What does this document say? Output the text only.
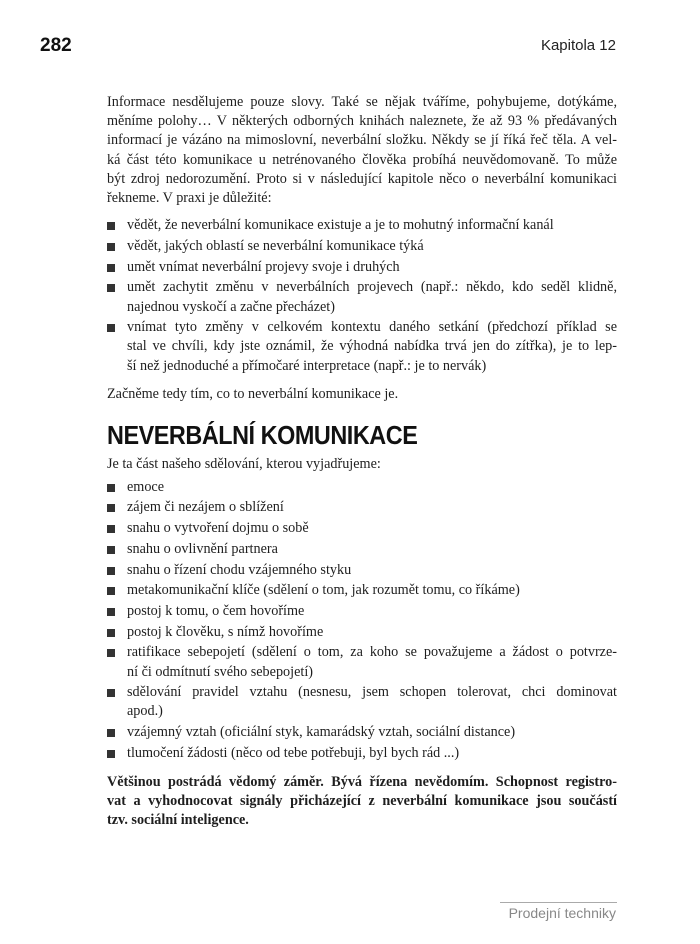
282	Kapitola 12
Informace nesdělujeme pouze slovy. Také se nějak tváříme, pohybujeme, dotýkáme,
měníme polohy… V některých odborných knihách naleznete, že až 93 % předávaných
informací je vázáno na mimoslovní, neverbální složku. Někdy se jí říká řeč těla. A vel-
ká část této komunikace u netrénovaného člověka probíhá neuvědomovaně. To může
být zdroj nedorozumění. Proto si v následující kapitole něco o neverbální komunikaci
řekneme. V praxi je důležité:
vědět, že neverbální komunikace existuje a je to mohutný informační kanál
vědět, jakých oblastí se neverbální komunikace týká
umět vnímat neverbální projevy svoje i druhých
umět zachytit změnu v neverbálních projevech (např.: někdo, kdo seděl klidně,
najednou vyskočí a začne přecházet)
vnímat tyto změny v celkovém kontextu daného setkání (předchozí příklad se
stal ve chvíli, kdy jste oznámil, že výhodná nabídka trvá jen do zítřka), je to lep-
ší než jednoduché a přímočaré interpretace (např.: je to nervák)
Začněme tedy tím, co to neverbální komunikace je.
NEVERBÁLNÍ KOMUNIKACE
Je ta část našeho sdělování, kterou vyjadřujeme:
emoce
zájem či nezájem o sblížení
snahu o vytvoření dojmu o sobě
snahu o ovlivnění partnera
snahu o řízení chodu vzájemného styku
metakomunikační klíče (sdělení o tom, jak rozumět tomu, co říkáme)
postoj k tomu, o čem hovoříme
postoj k člověku, s nímž hovoříme
ratifikace sebepojetí (sdělení o tom, za koho se považujeme a žádost o potvrze-
ní či odmítnutí svého sebepojetí)
sdělování pravidel vztahu (nesnesu, jsem schopen tolerovat, chci dominovat
apod.)
vzájemný vztah (oficiální styk, kamarádský vztah, sociální distance)
tlumočení žádosti (něco od tebe potřebuji, byl bych rád ...)
Většinou postrádá vědomý záměr. Bývá řízena nevědomím. Schopnost registro-
vat a vyhodnocovat signály přicházející z neverbální komunikace jsou součástí
tzv. sociální inteligence.
Prodejní techniky
